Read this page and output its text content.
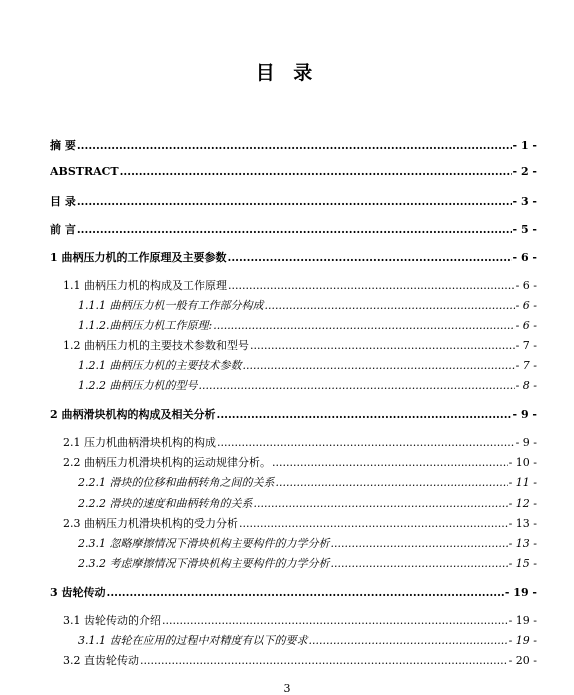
目 录
摘 要 .....	- 1 -
ABSTRACT .....	- 2 -
目 录 .....	- 3 -
前 言 .....	- 5 -
1 曲柄压力机的工作原理及主要参数 .....	- 6 -
1.1 曲柄压力机的构成及工作原理 .....	- 6 -
1.1.1 曲柄压力机一般有工作部分构成 .....	- 6 -
1.1.2.曲柄压力机工作原理: .....	- 6 -
1.2 曲柄压力机的主要技术参数和型号 .....	- 7 -
1.2.1 曲柄压力机的主要技术参数 .....	- 7 -
1.2.2 曲柄压力机的型号 .....	- 8 -
2 曲柄滑块机构的构成及相关分析 .....	- 9 -
2.1 压力机曲柄滑块机构的构成 .....	- 9 -
2.2 曲柄压力机滑块机构的运动规律分析。 .....	- 10 -
2.2.1 滑块的位移和曲柄转角之间的关系 .....	- 11 -
2.2.2 滑块的速度和曲柄转角的关系 .....	- 12 -
2.3 曲柄压力机滑块机构的受力分析 .....	- 13 -
2.3.1 忽略摩擦情况下滑块机构主要构件的力学分析 .....	- 13 -
2.3.2 考虑摩擦情况下滑块机构主要构件的力学分析 .....	- 15 -
3 齿轮传动 .....	- 19 -
3.1 齿轮传动的介绍 .....	- 19 -
3.1.1 齿轮在应用的过程中对精度有以下的要求 .....	- 19 -
3.2 直齿轮传动 .....	- 20 -
3
